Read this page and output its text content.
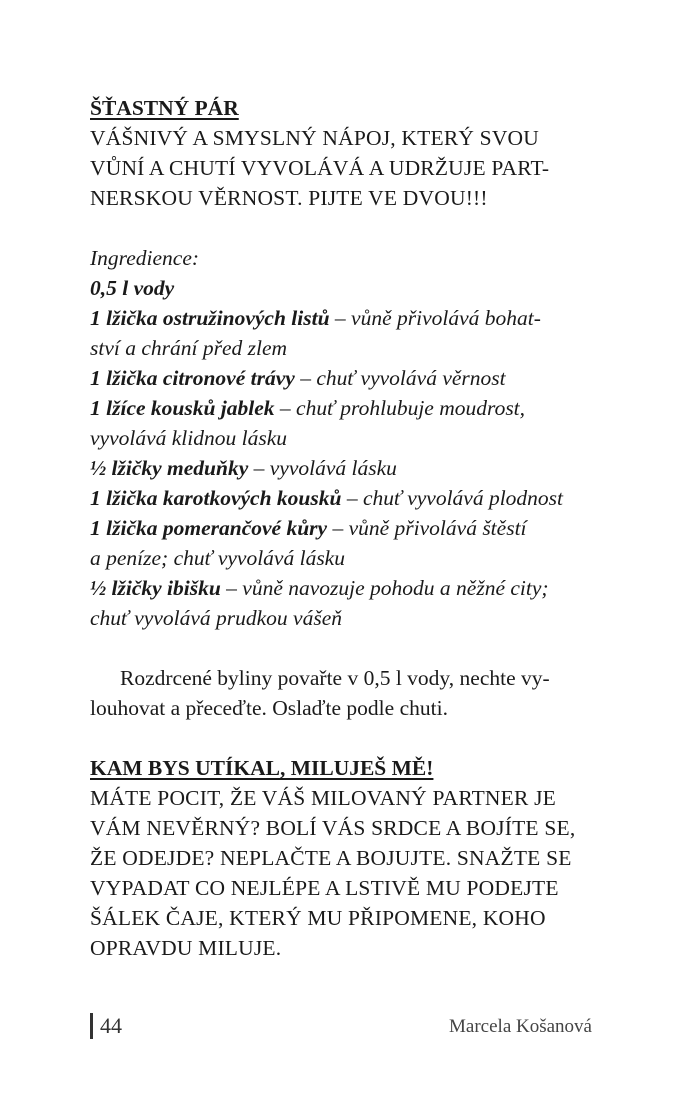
ŠŤASTNÝ PÁR
VÁŠNIVÝ A SMYSLNÝ NÁPOJ, KTERÝ SVOU
VŮNÍ A CHUTÍ VYVOLÁVÁ A UDRŽUJE PART-
NERSKOU VĚRNOST. PIJTE VE DVOU!!!
Ingredience:
0,5 l vody
1 lžička ostružinových listů – vůně přivolává bohat-
ství a chrání před zlem
1 lžička citronové trávy – chuť vyvolává věrnost
1 lžíce kousků jablek – chuť prohlubuje moudrost,
vyvolává klidnou lásku
½ lžičky meduňky – vyvolává lásku
1 lžička karotkových kousků – chuť vyvolává plodnost
1 lžička pomerančové kůry – vůně přivolává štěstí
a peníze; chuť vyvolává lásku
½ lžičky ibišku – vůně navozuje pohodu a něžné city;
chuť vyvolává prudkou vášeň
Rozdrcené byliny povařte v 0,5 l vody, nechte vy-
louhovat a přeceďte. Oslaďte podle chuti.
KAM BYS UTÍKAL, MILUJEŠ MĚ!
MÁTE POCIT, ŽE VÁŠ MILOVANÝ PARTNER JE
VÁM NEVĚRNÝ? BOLÍ VÁS SRDCE A BOJÍTE SE,
ŽE ODEJDE? NEPLAČTE A BOJUJTE. SNAŽTE SE
VYPADAT CO NEJLÉPE A LSTIVĚ MU PODEJTE
ŠÁLEK ČAJE, KTERÝ MU PŘIPOMENE, KOHO
OPRAVDU MILUJE.
44	Marcela Košanová
